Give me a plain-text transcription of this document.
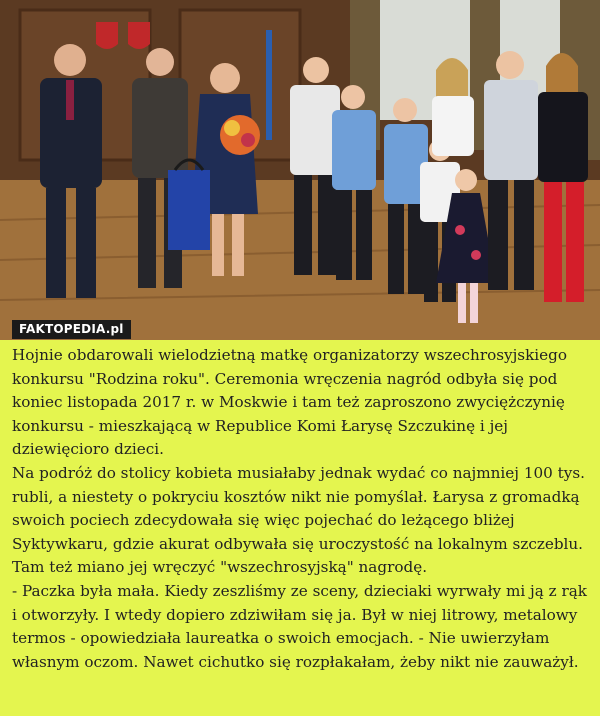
FAKTOPEDIA.pl

Hojnie obdarowali wielodzietną matkę organizatorzy wszechrosyjskiego konkursu "Rodzina roku". Ceremonia wręczenia nagród odbyła się pod koniec listopada 2017 r. w Moskwie i tam też zaproszono zwyciężczynię konkursu - mieszkającą w Republice Komi Łarysę Szczukinę i jej dziewięcioro dzieci.

Na podróż do stolicy kobieta musiałaby jednak wydać co najmniej 100 tys. rubli, a niestety o pokryciu kosztów nikt nie pomyślał. Łarysa z gromadką swoich pociech zdecydowała się więc pojechać do leżącego bliżej Syktywkaru, gdzie akurat odbywała się uroczystość na lokalnym szczeblu. Tam też miano jej wręczyć "wszechrosyjską" nagrodę.

- Paczka była mała. Kiedy zeszliśmy ze sceny, dzieciaki wyrwały mi ją z rąk i otworzyły. I wtedy dopiero zdziwiłam się ja. Był w niej litrowy, metalowy termos - opowiedziała laureatka o swoich emocjach. - Nie uwierzyłam własnym oczom. Nawet cichutko się rozpłakałam, żeby nikt nie zauważył.
